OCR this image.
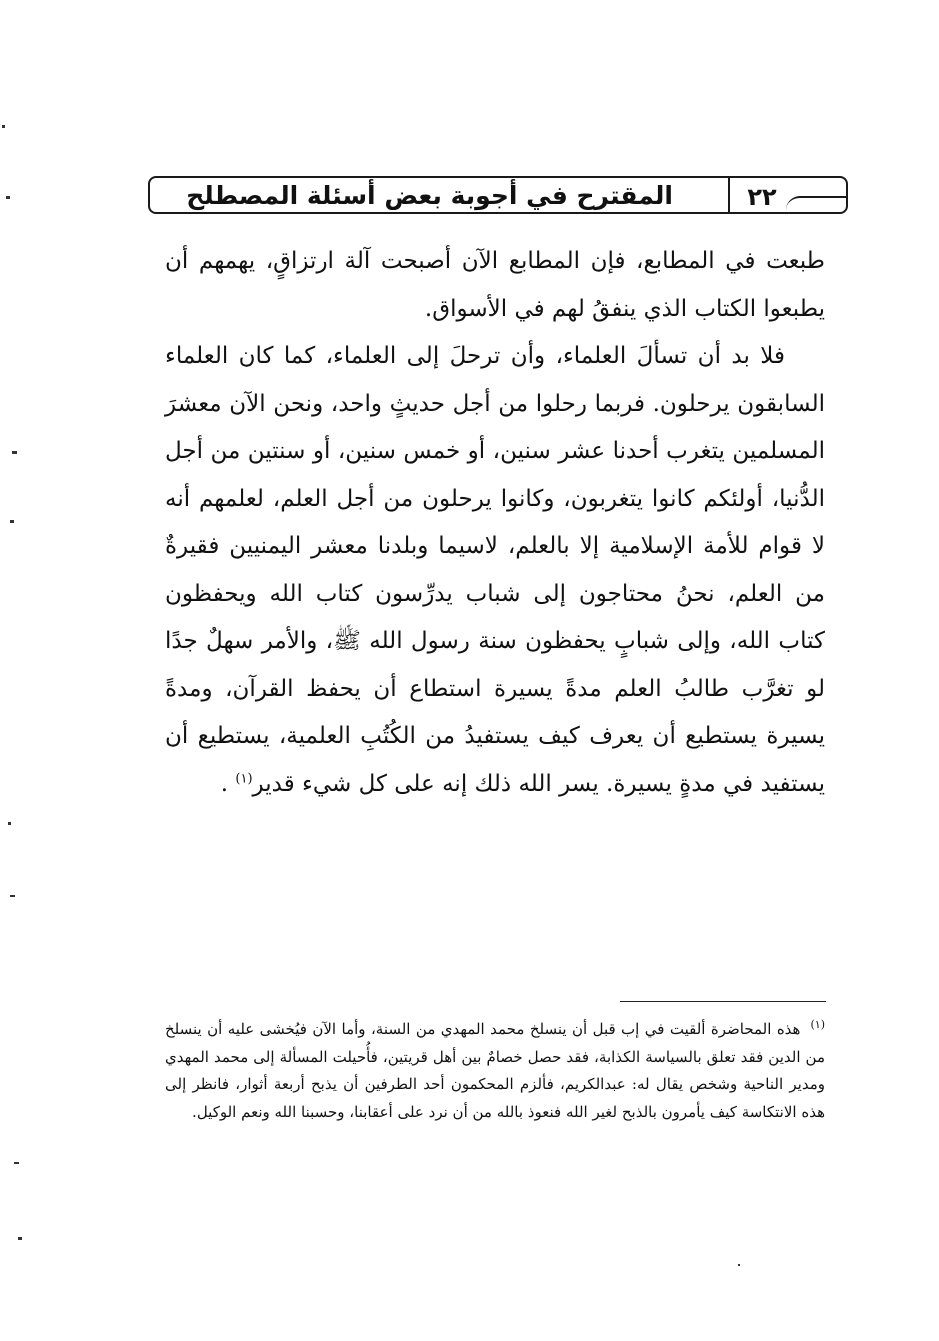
٢٢
المقترح في أجوبة بعض أسئلة المصطلح

طبعت في المطابع، فإن المطابع الآن أصبحت آلة ارتزاقٍ، يهمهم أن يطبعوا الكتاب الذي ينفقُ لهم في الأسواق.

فلا بد أن تسألَ العلماء، وأن ترحلَ إلى العلماء، كما كان العلماء السابقون يرحلون. فربما رحلوا من أجل حديثٍ واحد، ونحن الآن معشرَ المسلمين يتغرب أحدنا عشر سنين، أو خمس سنين، أو سنتين من أجل الدُّنيا، أولئكم كانوا يتغربون، وكانوا يرحلون من أجل العلم، لعلمهم أنه لا قوام للأمة الإسلامية إلا بالعلم، لاسيما وبلدنا معشر اليمنيين فقيرةٌ من العلم، نحنُ محتاجون إلى شباب يدرِّسون كتاب الله ويحفظون كتاب الله، وإلى شبابٍ يحفظون سنة رسول الله ﷺ، والأمر سهلٌ جدًا لو تغرَّب طالبُ العلم مدةً يسيرة استطاع أن يحفظ القرآن، ومدةً يسيرة يستطيع أن يعرف كيف يستفيدُ من الكُتُبِ العلمية، يستطيع أن يستفيد في مدةٍ يسيرة. يسر الله ذلك إنه على كل شيء قدير$^{(١)}$ .

$^{(١)}$هذه المحاضرة ألقيت في إب قبل أن ينسلخ محمد المهدي من السنة، وأما الآن فيُخشى عليه أن ينسلخ من الدين فقد تعلق بالسياسة الكذابة، فقد حصل خصامٌ بين أهل قريتين، فأُحيلت المسألة إلى محمد المهدي ومدير الناحية وشخص يقال له: عبدالكريم، فألزم المحكمون أحد الطرفين أن يذبح أربعة أثوار، فانظر إلى هذه الانتكاسة كيف يأمرون بالذبح لغير الله فنعوذ بالله من أن نرد على أعقابنا، وحسبنا الله ونعم الوكيل.
